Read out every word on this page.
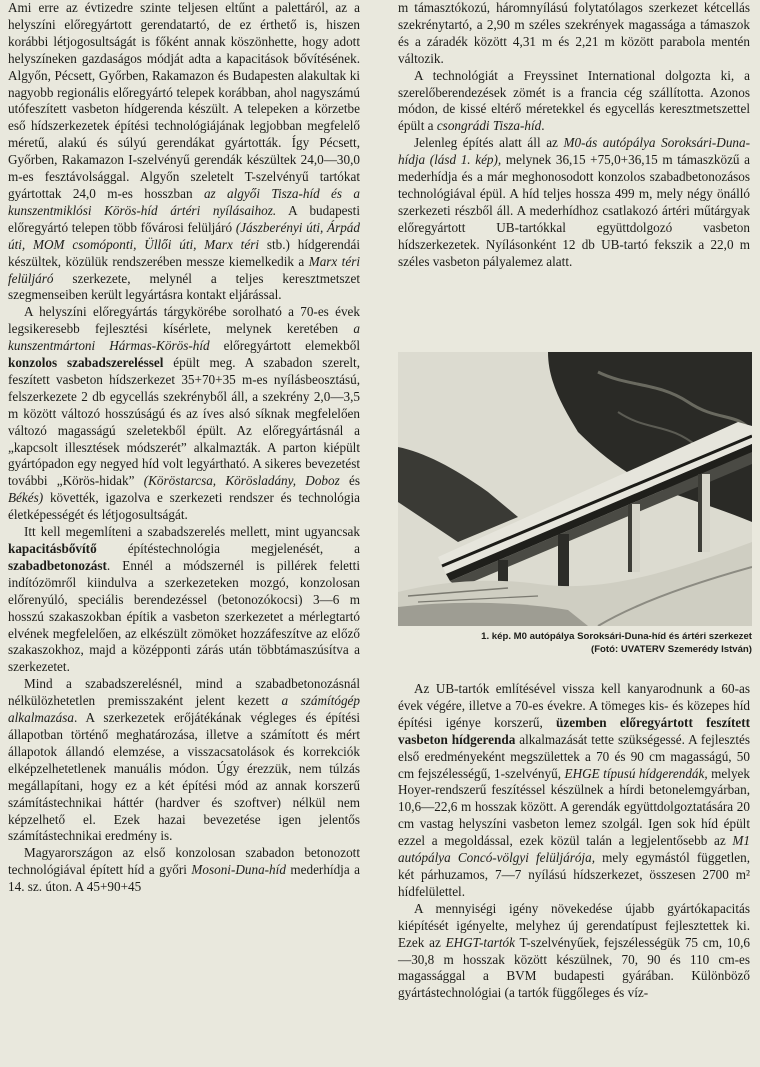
Ami erre az évtizedre szinte teljesen eltűnt a palettáról, az a helyszíni előregyártott gerendatartó, de ez érthető is, hiszen korábbi létjogosultságát is főként annak köszönhette, hogy adott helyszíneken gazdaságos módját adta a kapacitások bővítésének. Algyőn, Pécsett, Győrben, Rakamazon és Budapesten alakultak ki nagyobb regionális előregyártó telepek korábban, ahol nagyszámú utófeszített vasbeton hídgerenda készült. A telepeken a körzetbe eső hídszerkezetek építési technológiájának legjobban megfelelő méretű, alakú és súlyú gerendákat gyártották. Így Pécsett, Győrben, Rakamazon I-szelvényű gerendák készültek 24,0—30,0 m-es fesztávolsággal. Algyőn szeletelt T-szelvényű tartókat gyártottak 24,0 m-es hosszban az algyői Tisza-híd és a kunszentmiklósi Körös-híd ártéri nyílásaihoz. A budapesti előregyártó telepen több fővárosi felüljáró (Jászberényi úti, Árpád úti, MOM csomóponti, Üllői úti, Marx téri stb.) hídgerendái készültek, közülük rendszerében messze kiemelkedik a Marx téri felüljáró szerkezete, melynél a teljes keresztmetszet szegmenseiben került legyártásra kontakt eljárással.

A helyszíni előregyártás tárgykörébe sorolható a 70-es évek legsikeresebb fejlesztési kísérlete, melynek keretében a kunszentmártoni Hármas-Körös-híd előregyártott elemekből konzolos szabadszereléssel épült meg. A szabadon szerelt, feszített vasbeton hídszerkezet 35+70+35 m-es nyílásbeosztású, felszerkezete 2 db egycellás szekrényből áll, a szekrény 2,0—3,5 m között változó hosszúságú és az íves alsó síknak megfelelően változó magasságú szeletekből épült. Az előregyártásnál a „kapcsolt illesztések módszerét” alkalmazták. A parton kiépült gyártópadon egy negyed híd volt legyártható. A sikeres bevezetést további „Körös-hidak” (Köröstarcsa, Körösladány, Doboz és Békés) követték, igazolva e szerkezeti rendszer és technológia életképességét és létjogosultságát.

Itt kell megemlíteni a szabadszerelés mellett, mint ugyancsak kapacitásbővítő építéstechnológia megjelenését, a szabadbetonozást. Ennél a módszernél is pillérek feletti indítózömről kiindulva a szerkezeteken mozgó, konzolosan előrenyúló, speciális berendezéssel (betonozókocsi) 3—6 m hosszú szakaszokban építik a vasbeton szerkezetet a mérlegtartó elvének megfelelően, az elkészült zömöket hozzáfeszítve az előző szakaszokhoz, majd a középponti zárás után többtámaszúsítva a szerkezetet.

Mind a szabadszerelésnél, mind a szabadbetonozásnál nélkülözhetetlen premisszaként jelent kezett a számítógép alkalmazása. A szerkezetek erőjátékának végleges és építési állapotban történő meghatározása, illetve a számított és mért állapotok állandó elemzése, a visszacsatolások és korrekciók elképzelhetetlenek manuális módon. Úgy érezzük, nem túlzás megállapítani, hogy ez a két építési mód az annak korszerű számítástechnikai háttér (hardver és szoftver) nélkül nem képzelhető el. Ezek hazai bevezetése igen jelentős számítástechnikai eredmény is.

Magyarországon az első konzolosan szabadon betonozott technológiával épített híd a győri Mosoni-Duna-híd mederhídja a 14. sz. úton. A 45+90+45

m támasztókozú, háromnyílású folytatólagos szerkezet kétcellás szekrénytartó, a 2,90 m széles szekrények magassága a támaszok és a záradék között 4,31 m és 2,21 m között parabola mentén változik.

A technológiát a Freyssinet International dolgozta ki, a szerelőberendezések zömét is a francia cég szállította. Azonos módon, de kissé eltérő méretekkel és egycellás keresztmetszettel épült a csongrádi Tisza-híd.

Jelenleg építés alatt áll az M0-ás autópálya Soroksári-Duna-hídja (lásd 1. kép), melynek 36,15 +75,0+36,15 m támaszközű a mederhídja és a már meghonosodott konzolos szabadbetonozásos technológiával épül. A híd teljes hossza 499 m, mely négy önálló szerkezeti részből áll. A mederhídhoz csatlakozó ártéri műtárgyak előregyártott UB-tartókkal együttdolgozó vasbeton hídszerkezetek. Nyílásonként 12 db UB-tartó fekszik a 22,0 m széles vasbeton pályalemez alatt.

1. kép. M0 autópálya Soroksári-Duna-híd és ártéri szerkezet
(Fotó: UVATERV Szemerédy István)

Az UB-tartók említésével vissza kell kanyarodnunk a 60-as évek végére, illetve a 70-es évekre. A tömeges kis- és közepes híd építési igénye korszerű, üzemben előregyártott feszített vasbeton hídgerenda alkalmazását tette szükségessé. A fejlesztés első eredményeként megszülettek a 70 és 90 cm magasságú, 50 cm fejszélességű, 1-szelvényű, EHGE típusú hídgerendák, melyek Hoyer-rendszerű feszítéssel készülnek a hírdi betonelemgyárban, 10,6—22,6 m hosszak között. A gerendák együttdolgoztatására 20 cm vastag helyszíni vasbeton lemez szolgál. Igen sok híd épült ezzel a megoldással, ezek közül talán a legjelentősebb az M1 autópálya Concó-völgyi felüljárója, mely egymástól független, két párhuzamos, 7—7 nyílású hídszerkezet, összesen 2700 m² hídfelülettel.

A mennyiségi igény növekedése újabb gyártókapacitás kiépítését igényelte, melyhez új gerendatípust fejlesztettek ki. Ezek az EHGT-tartók T-szelvényűek, fejszélességük 75 cm, 10,6—30,8 m hosszak között készülnek, 70, 90 és 110 cm-es magassággal a BVM budapesti gyárában. Különböző gyártástechnológiai (a tartók függőleges és víz-
